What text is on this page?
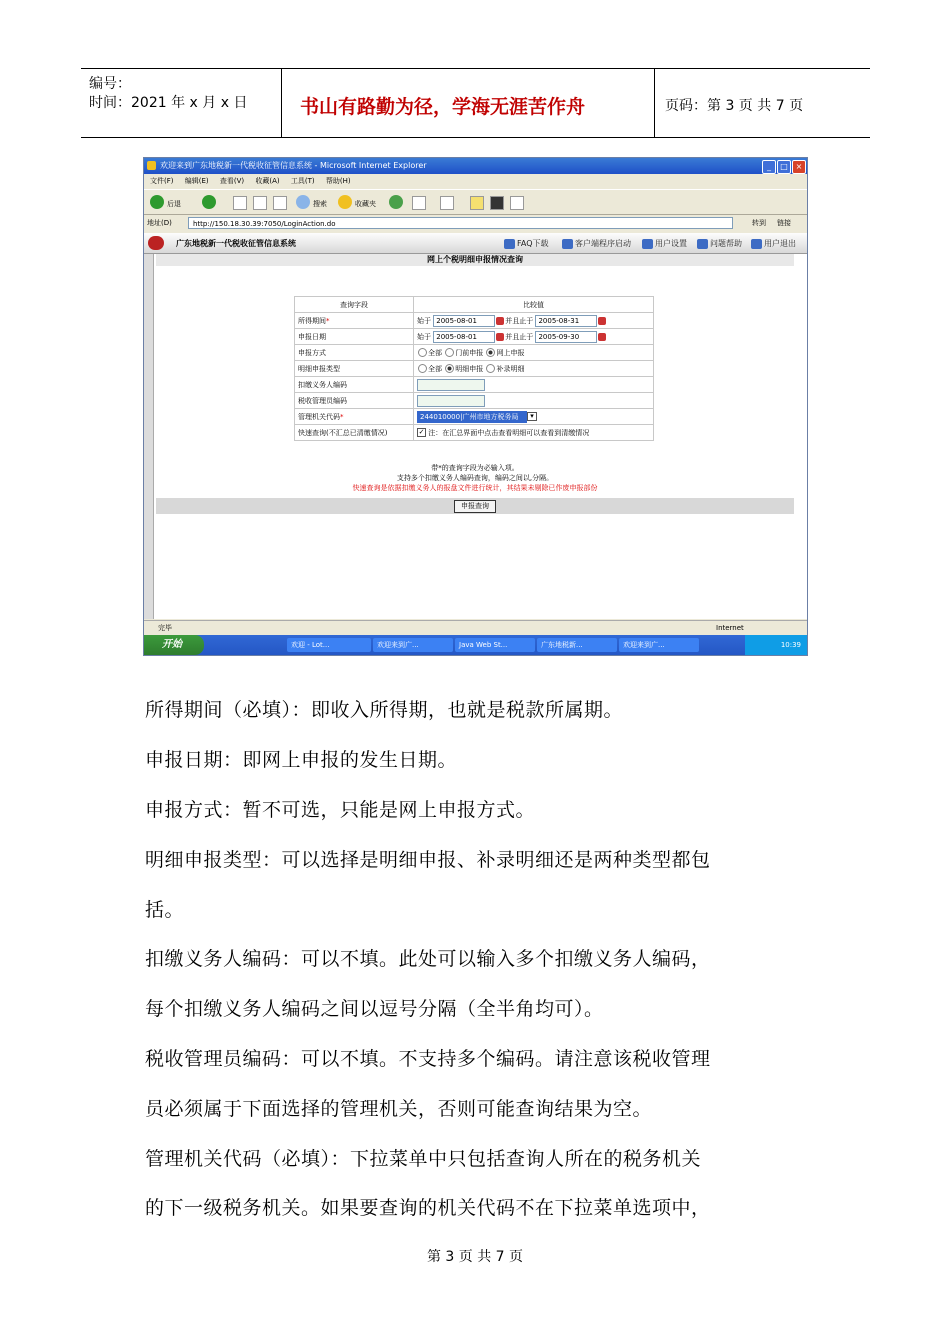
编号：
时间：2021 年 x 月 x 日	书山有路勤为径，学海无涯苦作舟	页码：第 3 页 共 7 页
欢迎来到广东地税新一代税收征管信息系统 - Microsoft Internet Explorer	_	□ ×
文件(F) 编辑(E) 查看(V) 收藏(A) 工具(T) 帮助(H)
后退	搜索	收藏夹
地址(D)	http://150.18.30.39:7050/LoginAction.do	转到 链接
广东地税新一代税收征管信息系统	FAQ下载	客户端程序启动	用户设置	问题帮助	用户退出
网上个税明细申报情况查询
查询字段	比较值
所得期间*	始于 2005-08-01 并且止于 2005-08-31
申报日期	始于 2005-08-01 并且止于 2005-09-30
申报方式	全部 门前申报 网上申报
明细申报类型	全部 明细申报 补录明细
扣缴义务人编码	
税收管理员编码	
管理机关代码*	244010000|广州市地方税务局 ▾
快速查询(不汇总已清缴情况)	✓ 注：在汇总界面中点击查看明细可以查看到清缴情况
带*的查询字段为必输入项。
支持多个扣缴义务人编码查询，编码之间以,分隔。
快速查询是依据扣缴义务人的报盘文件进行统计，其结果未剔除已作废申报部份
申报查询
完毕	Internet
开始	欢迎 - Lot...	欢迎来到广...	Java Web St...	广东地税新...	欢迎来到广...	10:39
所得期间（必填）：即收入所得期，也就是税款所属期。
申报日期：即网上申报的发生日期。
申报方式：暂不可选，只能是网上申报方式。
明细申报类型：可以选择是明细申报、补录明细还是两种类型都包
括。
扣缴义务人编码：可以不填。此处可以输入多个扣缴义务人编码，
每个扣缴义务人编码之间以逗号分隔（全半角均可）。
税收管理员编码：可以不填。不支持多个编码。请注意该税收管理
员必须属于下面选择的管理机关，否则可能查询结果为空。
管理机关代码（必填）：下拉菜单中只包括查询人所在的税务机关
的下一级税务机关。如果要查询的机关代码不在下拉菜单选项中，
第 3 页 共 7 页
